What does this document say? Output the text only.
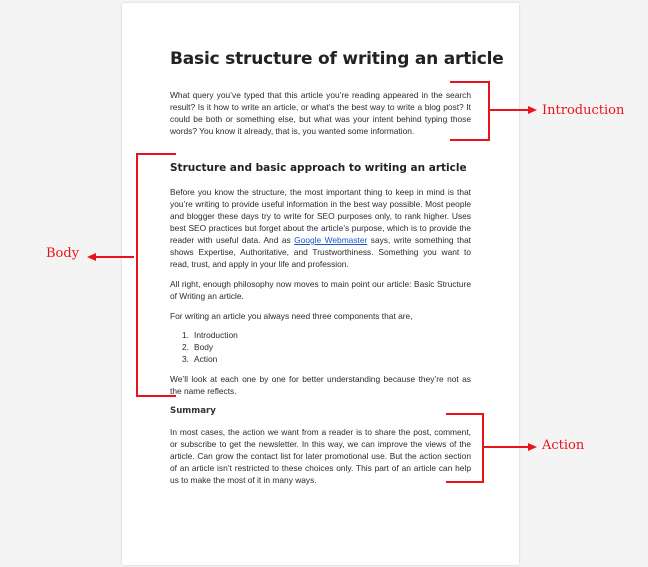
Basic structure of writing an article

What query you’ve typed that this article you’re reading appeared in the search result? Is it how to write an article, or what’s the best way to write a blog post? It could be both or something else, but what was your intent behind typing those words? You know it already, that is, you wanted some information.

Structure and basic approach to writing an article

Before you know the structure, the most important thing to keep in mind is that you’re writing to provide useful information in the best way possible. Most people and blogger these days try to write for SEO purposes only, to rank higher. Uses best SEO practices but forget about the article’s purpose, which is to provide the reader with useful data. And as Google Webmaster says, write something that shows Expertise, Authoritative, and Trustworthiness. Something you want to read, trust, and apply in your life and profession.

All right, enough philosophy now moves to main point our article: Basic Structure of Writing an article.

For writing an article you always need three components that are,

1. Introduction
2. Body
3. Action

We’ll look at each one by one for better understanding because they’re not as the name reflects.

Summary

In most cases, the action we want from a reader is to share the post, comment, or subscribe to get the newsletter. In this way, we can improve the views of the article. Can grow the contact list for later promotional use. But the action section of an article isn’t restricted to these choices only. This part of an article can help us to make the most of it in many ways.

Introduction
Body
Action
